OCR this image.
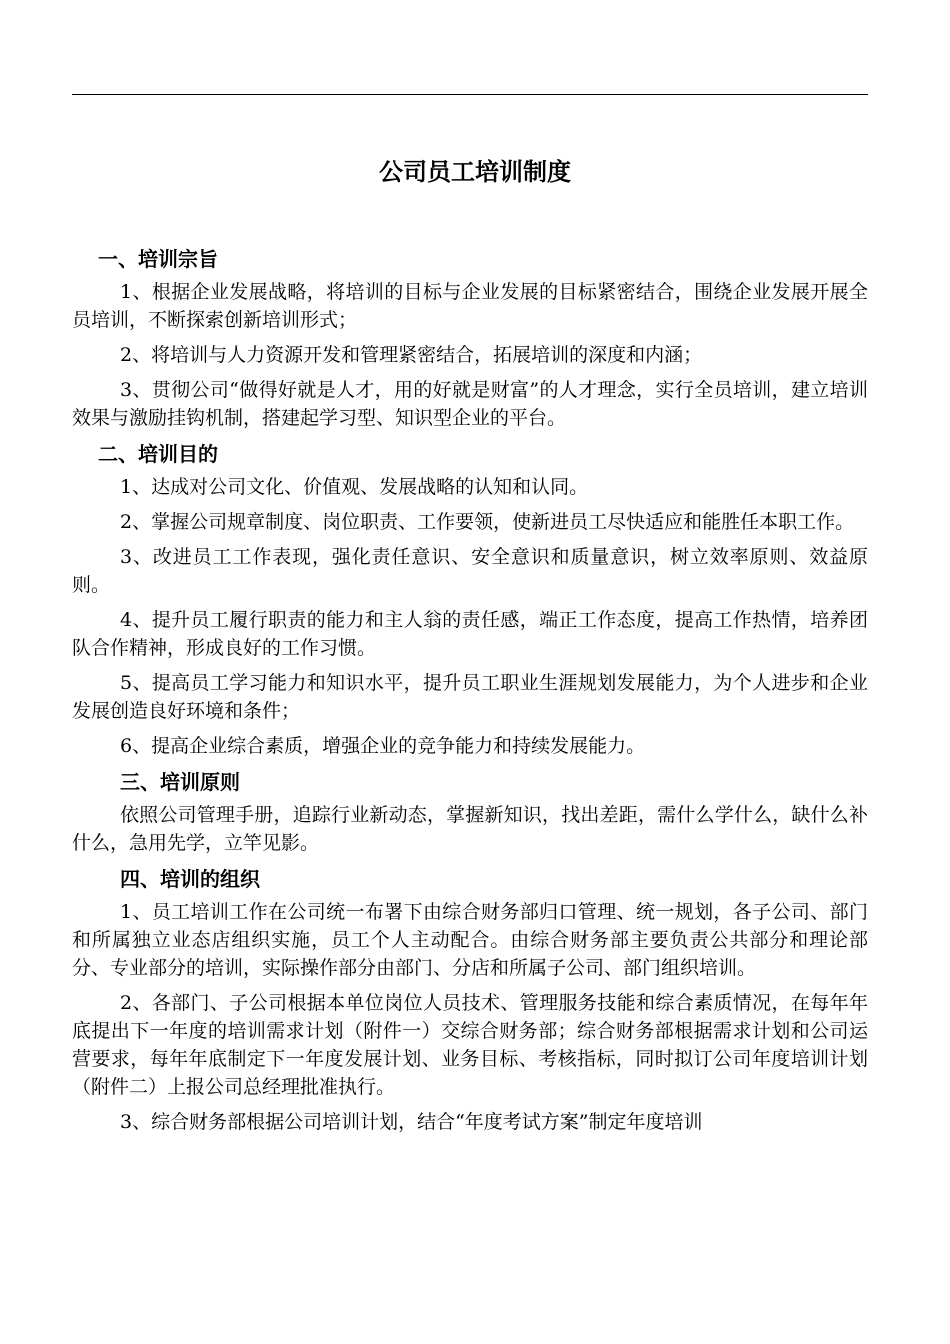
公司员工培训制度
一、培训宗旨

1、根据企业发展战略，将培训的目标与企业发展的目标紧密结合，围绕企业发展开展全员培训，不断探索创新培训形式；

2、将培训与人力资源开发和管理紧密结合，拓展培训的深度和内涵；

3、贯彻公司“做得好就是人才，用的好就是财富”的人才理念，实行全员培训，建立培训效果与激励挂钩机制，搭建起学习型、知识型企业的平台。

二、培训目的

1、达成对公司文化、价值观、发展战略的认知和认同。

2、掌握公司规章制度、岗位职责、工作要领，使新进员工尽快适应和能胜任本职工作。

3、改进员工工作表现，强化责任意识、安全意识和质量意识，树立效率原则、效益原则。

4、提升员工履行职责的能力和主人翁的责任感，端正工作态度，提高工作热情，培养团队合作精神，形成良好的工作习惯。

5、提高员工学习能力和知识水平，提升员工职业生涯规划发展能力，为个人进步和企业发展创造良好环境和条件；

6、提高企业综合素质，增强企业的竞争能力和持续发展能力。

三、培训原则

依照公司管理手册，追踪行业新动态，掌握新知识，找出差距，需什么学什么，缺什么补什么，急用先学，立竿见影。

四、培训的组织

1、员工培训工作在公司统一布署下由综合财务部归口管理、统一规划，各子公司、部门和所属独立业态店组织实施，员工个人主动配合。由综合财务部主要负责公共部分和理论部分、专业部分的培训，实际操作部分由部门、分店和所属子公司、部门组织培训。

2、各部门、子公司根据本单位岗位人员技术、管理服务技能和综合素质情况，在每年年底提出下一年度的培训需求计划（附件一）交综合财务部；综合财务部根据需求计划和公司运营要求，每年年底制定下一年度发展计划、业务目标、考核指标，同时拟订公司年度培训计划（附件二）上报公司总经理批准执行。

3、综合财务部根据公司培训计划，结合“年度考试方案”制定年度培训
